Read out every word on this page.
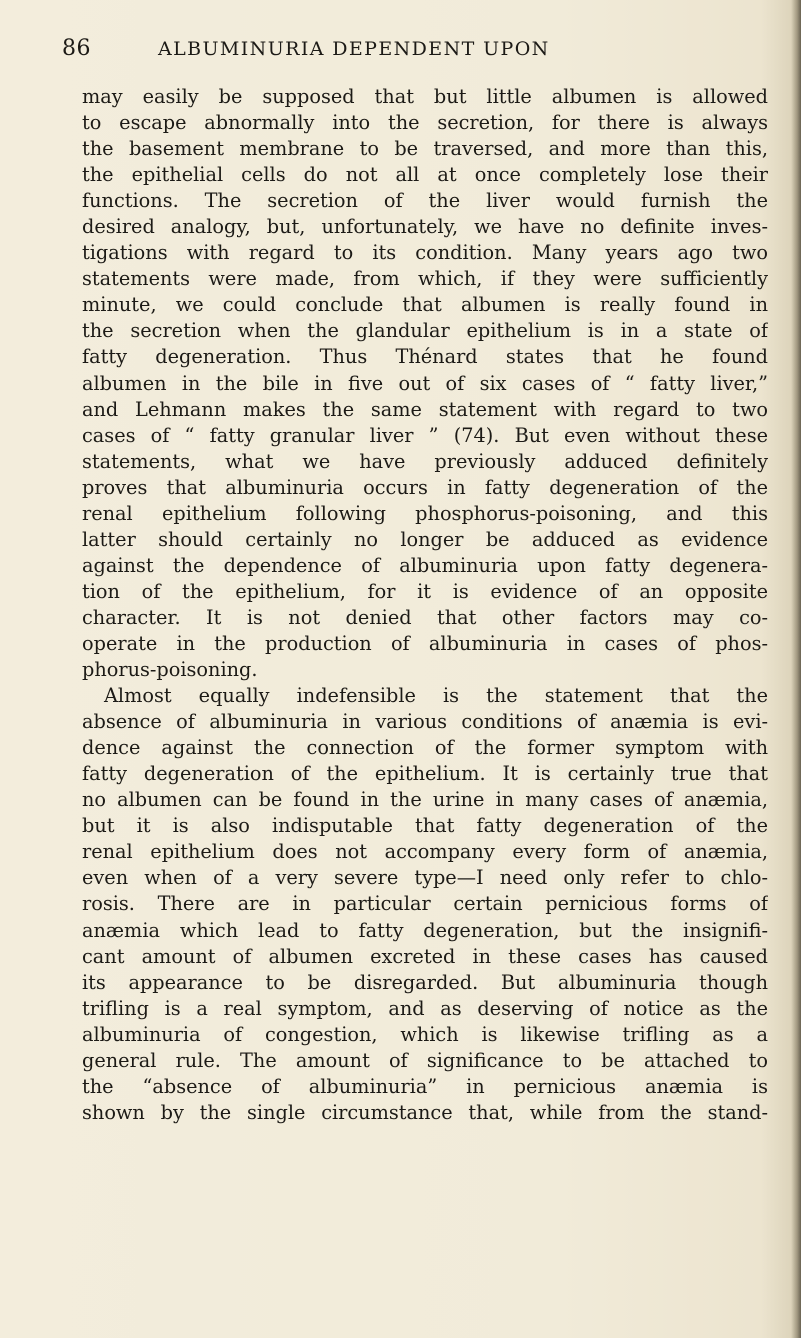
86	ALBUMINURIA DEPENDENT UPON
may easily be supposed that but little albumen is allowed
to escape abnormally into the secretion, for there is always
the basement membrane to be traversed, and more than this,
the epithelial cells do not all at once completely lose their
functions. The secretion of the liver would furnish the
desired analogy, but, unfortunately, we have no definite inves-
tigations with regard to its condition. Many years ago two
statements were made, from which, if they were sufficiently
minute, we could conclude that albumen is really found in
the secretion when the glandular epithelium is in a state of
fatty degeneration. Thus Thénard states that he found
albumen in the bile in five out of six cases of “ fatty liver,”
and Lehmann makes the same statement with regard to two
cases of “ fatty granular liver ” (74). But even without these
statements, what we have previously adduced definitely
proves that albuminuria occurs in fatty degeneration of the
renal epithelium following phosphorus-poisoning, and this
latter should certainly no longer be adduced as evidence
against the dependence of albuminuria upon fatty degenera-
tion of the epithelium, for it is evidence of an opposite
character. It is not denied that other factors may co-
operate in the production of albuminuria in cases of phos-
phorus-poisoning.
Almost equally indefensible is the statement that the
absence of albuminuria in various conditions of anæmia is evi-
dence against the connection of the former symptom with
fatty degeneration of the epithelium. It is certainly true that
no albumen can be found in the urine in many cases of anæmia,
but it is also indisputable that fatty degeneration of the
renal epithelium does not accompany every form of anæmia,
even when of a very severe type—I need only refer to chlo-
rosis. There are in particular certain pernicious forms of
anæmia which lead to fatty degeneration, but the insignifi-
cant amount of albumen excreted in these cases has caused
its appearance to be disregarded. But albuminuria though
trifling is a real symptom, and as deserving of notice as the
albuminuria of congestion, which is likewise trifling as a
general rule. The amount of significance to be attached to
the “absence of albuminuria” in pernicious anæmia is
shown by the single circumstance that, while from the stand-
